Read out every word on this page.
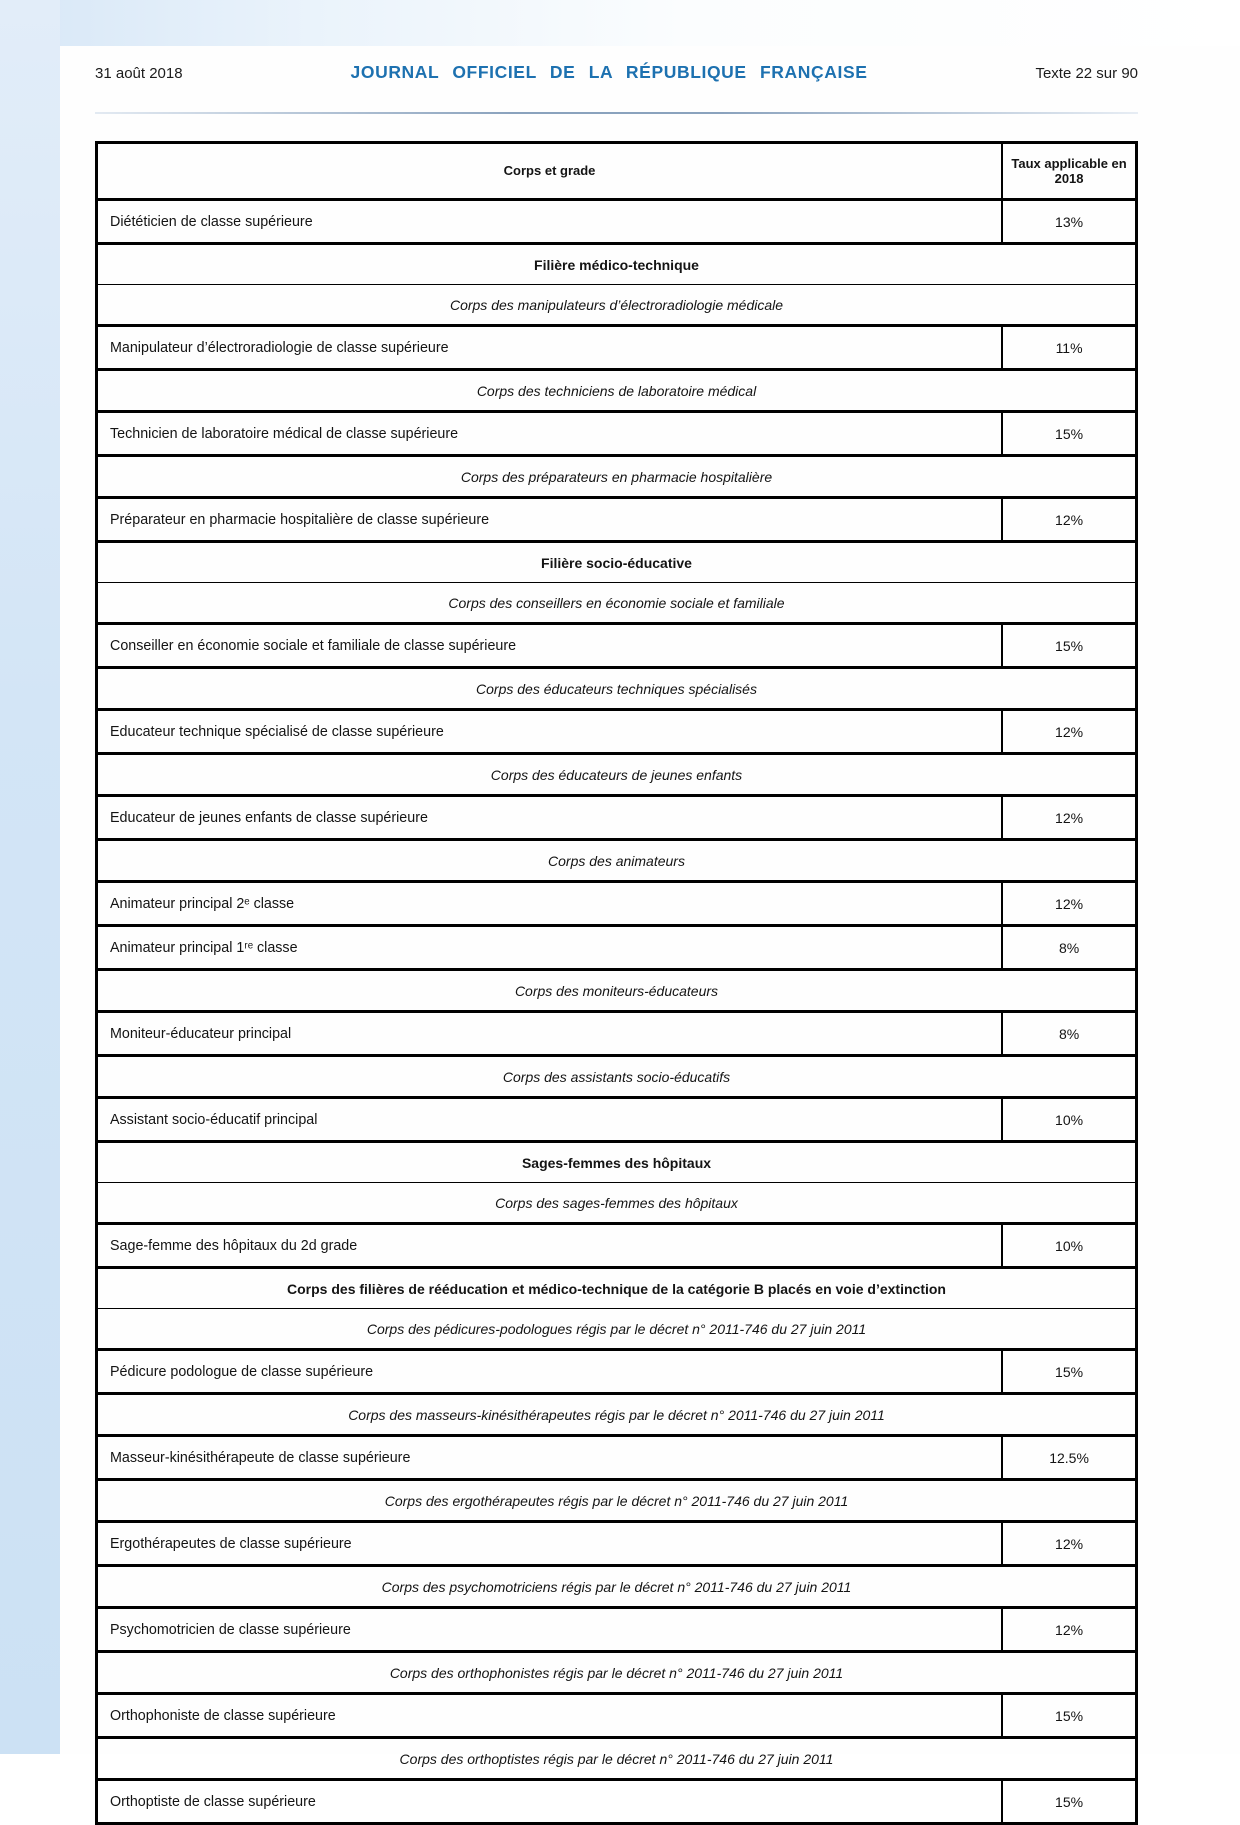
31 août 2018	JOURNAL OFFICIEL DE LA RÉPUBLIQUE FRANÇAISE	Texte 22 sur 90
Corps et grade	Taux applicable en 2018
Diététicien de classe supérieure	13%
Filière médico-technique	
Corps des manipulateurs d’électroradiologie médicale	
Manipulateur d’électroradiologie de classe supérieure	11%
Corps des techniciens de laboratoire médical	
Technicien de laboratoire médical de classe supérieure	15%
Corps des préparateurs en pharmacie hospitalière	
Préparateur en pharmacie hospitalière de classe supérieure	12%
Filière socio-éducative	
Corps des conseillers en économie sociale et familiale	
Conseiller en économie sociale et familiale de classe supérieure	15%
Corps des éducateurs techniques spécialisés	
Educateur technique spécialisé de classe supérieure	12%
Corps des éducateurs de jeunes enfants	
Educateur de jeunes enfants de classe supérieure	12%
Corps des animateurs	
Animateur principal 2ᵉ classe	12%
Animateur principal 1ʳᵉ classe	8%
Corps des moniteurs-éducateurs	
Moniteur-éducateur principal	8%
Corps des assistants socio-éducatifs	
Assistant socio-éducatif principal	10%
Sages-femmes des hôpitaux	
Corps des sages-femmes des hôpitaux	
Sage-femme des hôpitaux du 2d grade	10%
Corps des filières de rééducation et médico-technique de la catégorie B placés en voie d’extinction	
Corps des pédicures-podologues régis par le décret n° 2011-746 du 27 juin 2011	
Pédicure podologue de classe supérieure	15%
Corps des masseurs-kinésithérapeutes régis par le décret n° 2011-746 du 27 juin 2011	
Masseur-kinésithérapeute de classe supérieure	12.5%
Corps des ergothérapeutes régis par le décret n° 2011-746 du 27 juin 2011	
Ergothérapeutes de classe supérieure	12%
Corps des psychomotriciens régis par le décret n° 2011-746 du 27 juin 2011	
Psychomotricien de classe supérieure	12%
Corps des orthophonistes régis par le décret n° 2011-746 du 27 juin 2011	
Orthophoniste de classe supérieure	15%
Corps des orthoptistes régis par le décret n° 2011-746 du 27 juin 2011	
Orthoptiste de classe supérieure	15%
